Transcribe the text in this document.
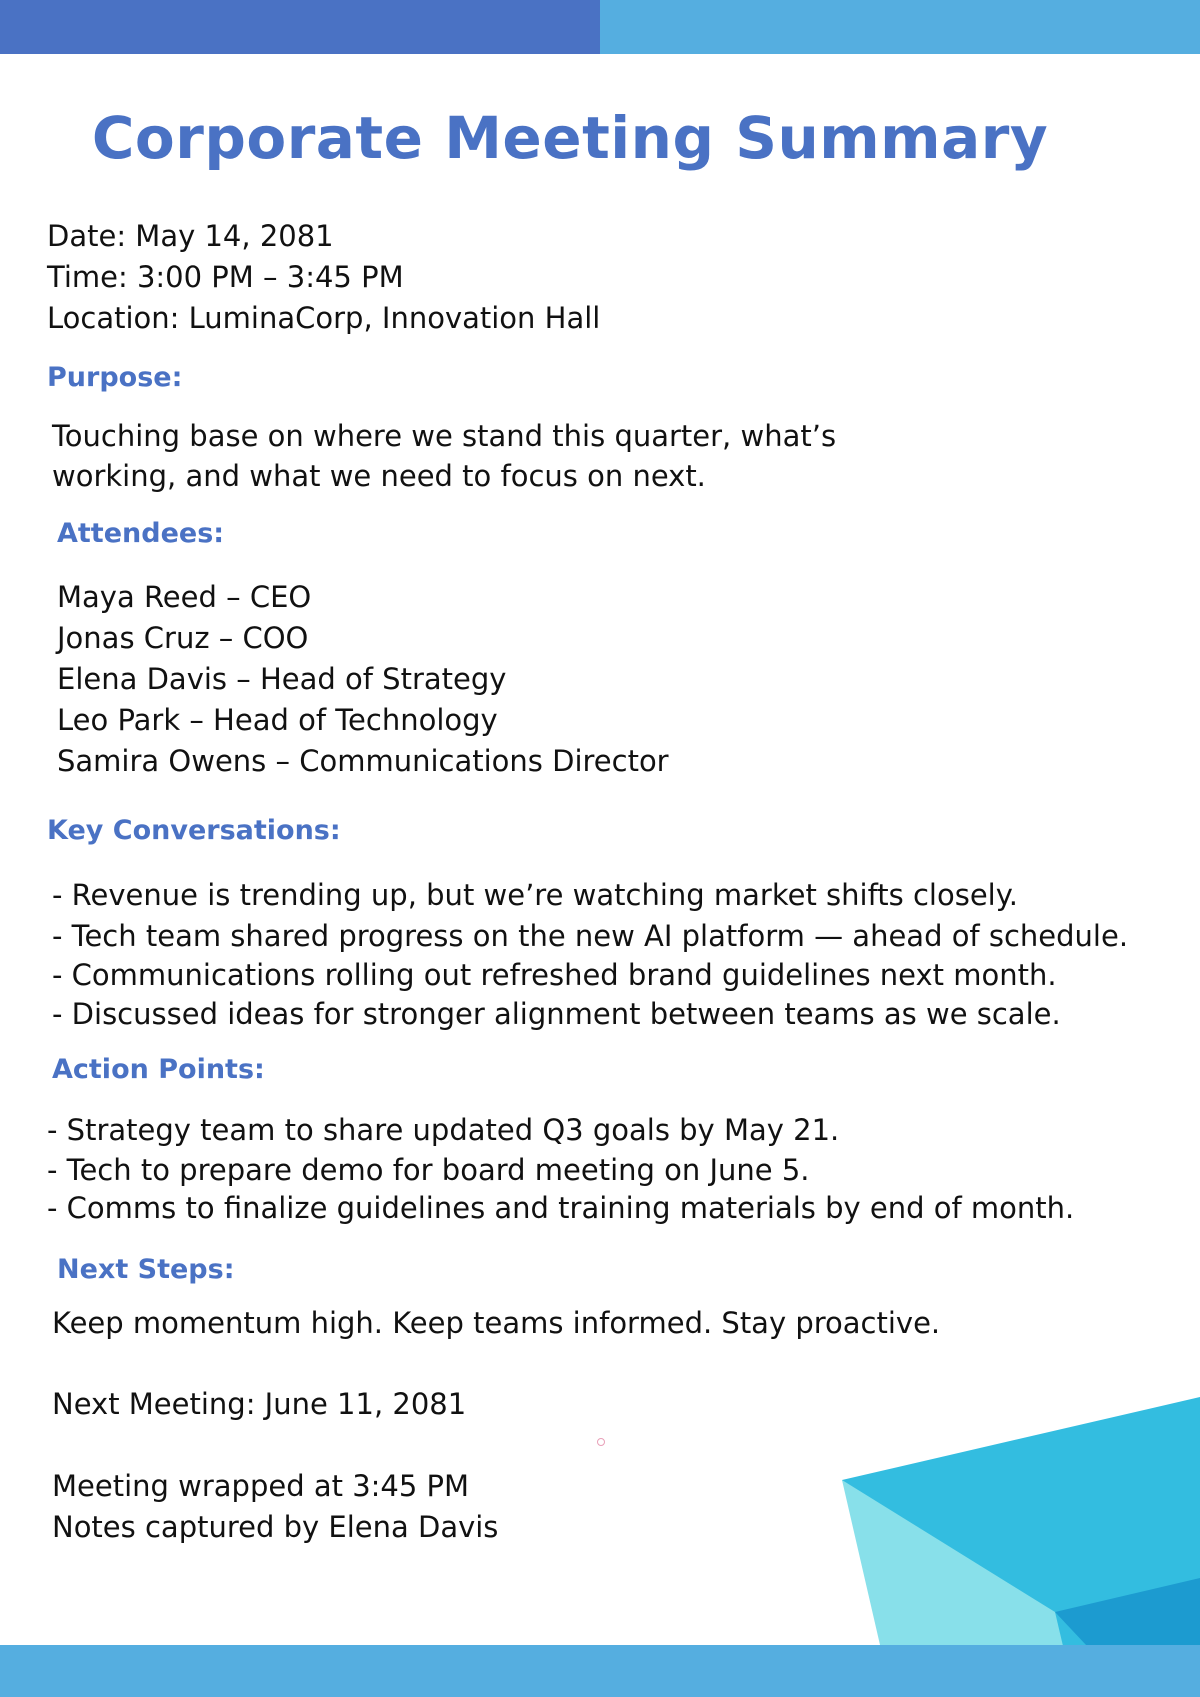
Corporate Meeting Summary

Date: May 14, 2081

Time: 3:00 PM – 3:45 PM

Location: LuminaCorp, Innovation Hall

Purpose:

Touching base on where we stand this quarter, what’s

working, and what we need to focus on next.

Attendees:

Maya Reed – CEO

Jonas Cruz – COO

Elena Davis – Head of Strategy

Leo Park – Head of Technology

Samira Owens – Communications Director

Key Conversations:

- Revenue is trending up, but we’re watching market shifts closely.

- Tech team shared progress on the new AI platform — ahead of schedule.

- Communications rolling out refreshed brand guidelines next month.

- Discussed ideas for stronger alignment between teams as we scale.

Action Points:

- Strategy team to share updated Q3 goals by May 21.

- Tech to prepare demo for board meeting on June 5.

- Comms to finalize guidelines and training materials by end of month.

Next Steps:

Keep momentum high. Keep teams informed. Stay proactive.

Next Meeting: June 11, 2081

Meeting wrapped at 3:45 PM

Notes captured by Elena Davis
